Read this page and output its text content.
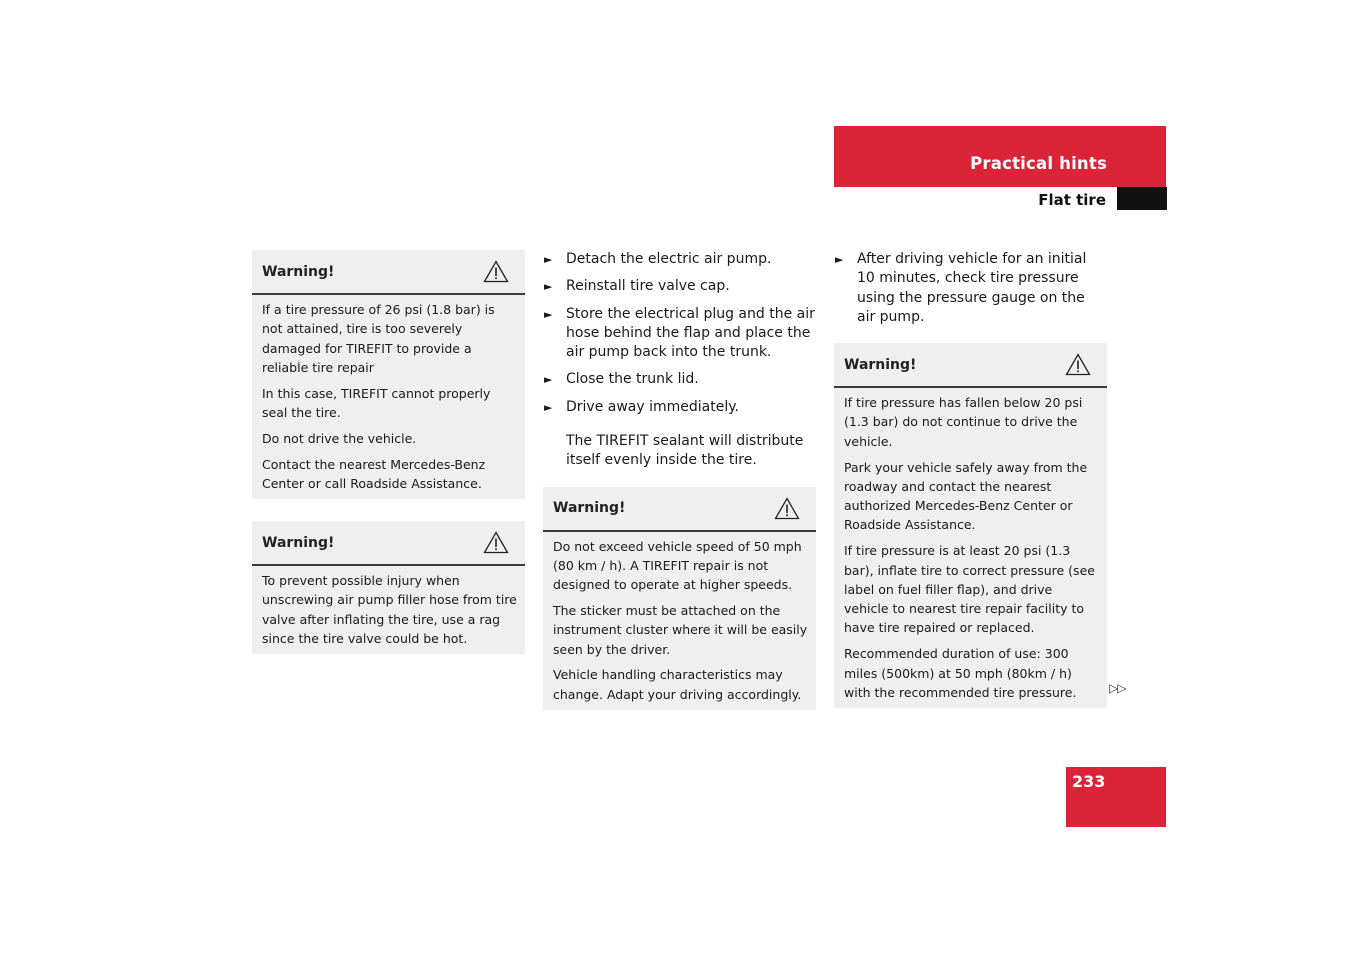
Practical hints
Flat tire
Warning!

If a tire pressure of 26 psi (1.8 bar) is not attained, tire is too severely damaged for TIREFIT to provide a reliable tire repair

In this case, TIREFIT cannot properly seal the tire.

Do not drive the vehicle.

Contact the nearest Mercedes-Benz Center or call Roadside Assistance.

Warning!

To prevent possible injury when unscrewing air pump filler hose from tire valve after inflating the tire, use a rag since the tire valve could be hot.

► Detach the electric air pump.
► Reinstall tire valve cap.
► Store the electrical plug and the air hose behind the flap and place the air pump back into the trunk.
► Close the trunk lid.
► Drive away immediately.
The TIREFIT sealant will distribute itself evenly inside the tire.
Warning!

Do not exceed vehicle speed of 50 mph (80 km / h). A TIREFIT repair is not designed to operate at higher speeds.

The sticker must be attached on the instrument cluster where it will be easily seen by the driver.

Vehicle handling characteristics may change. Adapt your driving accordingly.

► After driving vehicle for an initial 10 minutes, check tire pressure using the pressure gauge on the air pump.
Warning!

If tire pressure has fallen below 20 psi (1.3 bar) do not continue to drive the vehicle.

Park your vehicle safely away from the roadway and contact the nearest authorized Mercedes-Benz Center or Roadside Assistance.

If tire pressure is at least 20 psi (1.3 bar), inflate tire to correct pressure (see label on fuel filler flap), and drive vehicle to nearest tire repair facility to have tire repaired or replaced.

Recommended duration of use: 300 miles (500km) at 50 mph (80km / h) with the recommended tire pressure.	▷▷

233
